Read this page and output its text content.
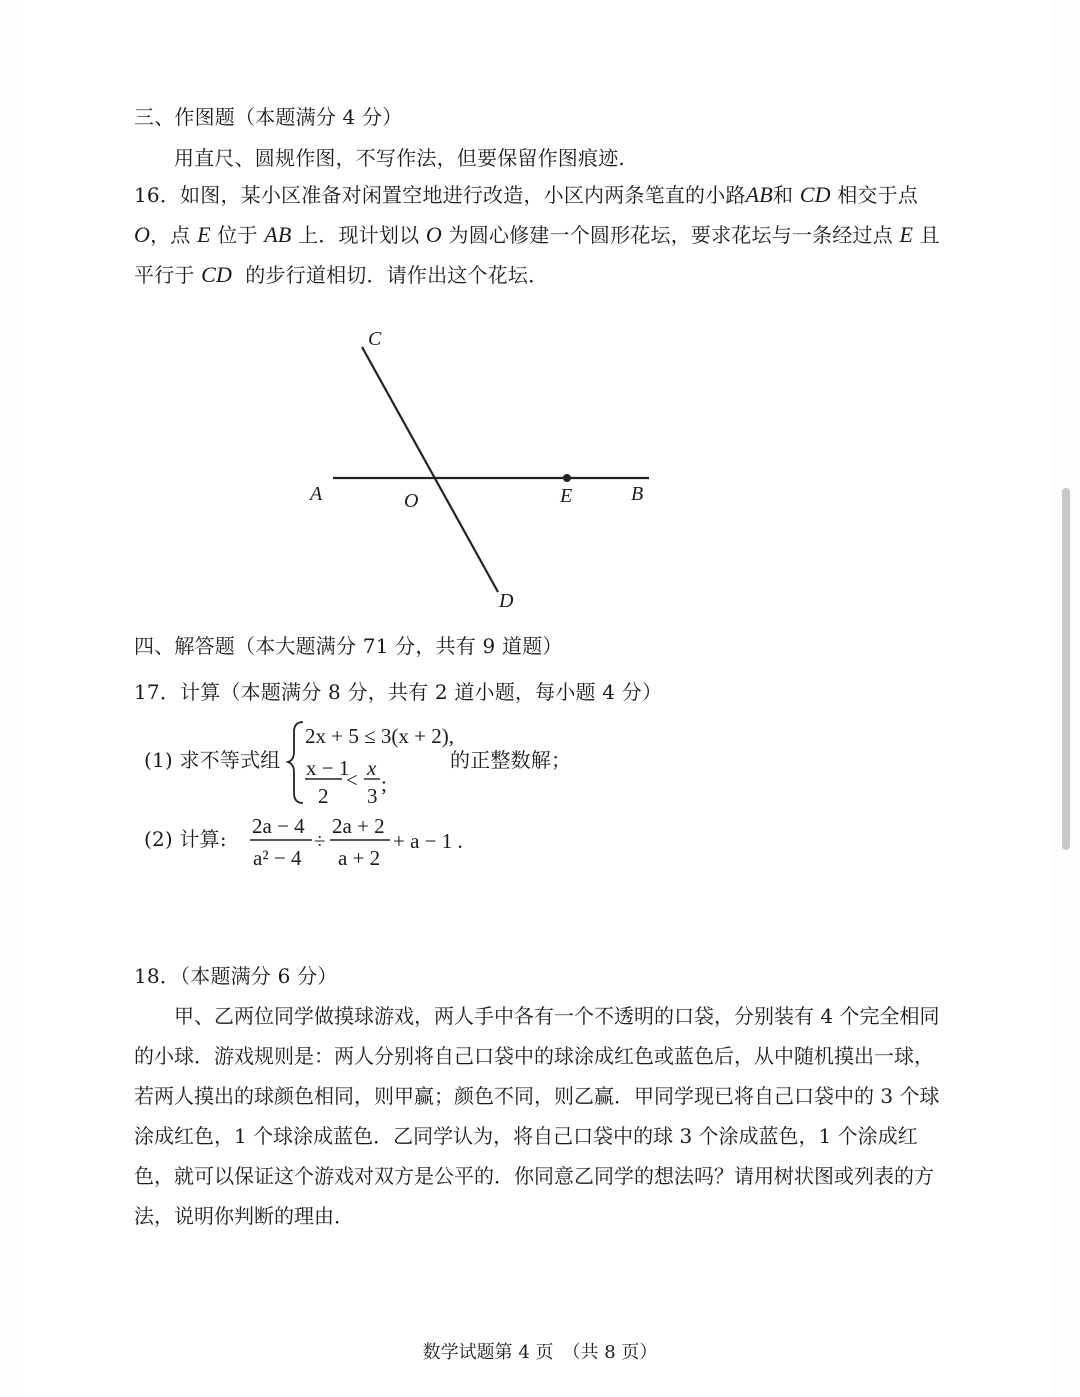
三、作图题（本题满分 4 分）
用直尺、圆规作图，不写作法，但要保留作图痕迹.
16．如图，某小区准备对闲置空地进行改造，小区内两条笔直的小路AB和 CD 相交于点
O，点 E 位于 AB 上．现计划以 O 为圆心修建一个圆形花坛，要求花坛与一条经过点 E 且
平行于 CD 的步行道相切．请作出这个花坛．
C
A	O	E	B
D
四、解答题（本大题满分 71 分，共有 9 道题）
17．计算（本题满分 8 分，共有 2 道小题，每小题 4 分）
(1) 求不等式组
2x + 5 ≤ 3(x + 2),
x − 1
2
< x
3 ;
的正整数解；
(2) 计算:
2a − 4
a² − 4
÷
2a + 2
a + 2
+ a − 1 .
18．（本题满分 6 分）
甲、乙两位同学做摸球游戏，两人手中各有一个不透明的口袋，分别装有 4 个完全相同的小球．游戏规则是：两人分别将自己口袋中的球涂成红色或蓝色后，从中随机摸出一球，若两人摸出的球颜色相同，则甲赢；颜色不同，则乙赢．甲同学现已将自己口袋中的 3 个球涂成红色，1 个球涂成蓝色．乙同学认为，将自己口袋中的球 3 个涂成蓝色，1 个涂成红色，就可以保证这个游戏对双方是公平的．你同意乙同学的想法吗？请用树状图或列表的方法，说明你判断的理由．
数学试题第 4 页　（共 8 页）
